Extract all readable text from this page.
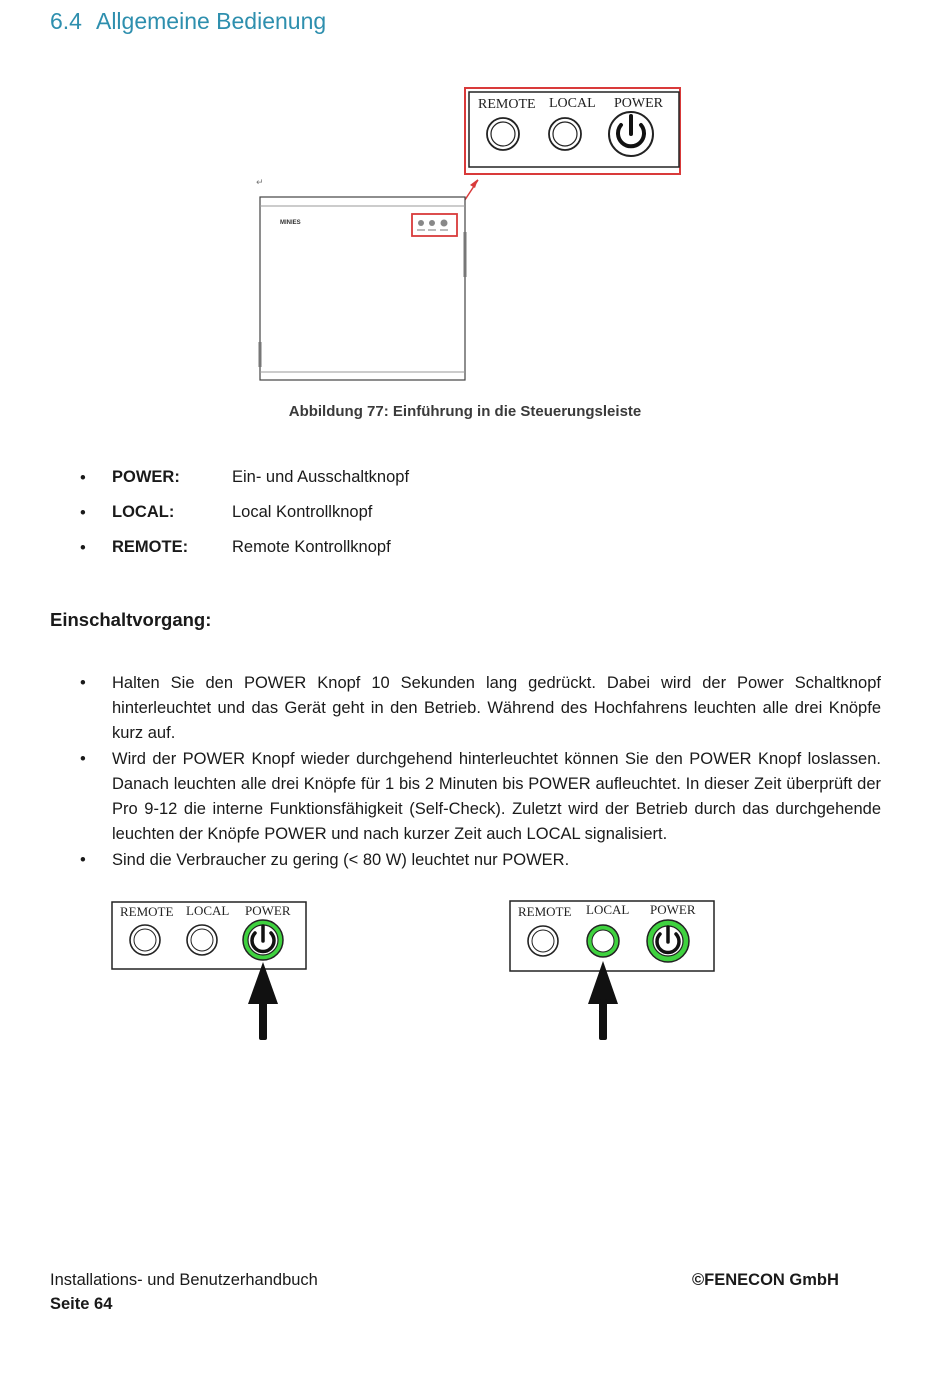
6.4 Allgemeine Bedienung
REMOTE LOCAL POWER
↵
MINIES
Abbildung 77: Einführung in die Steuerungsleiste
• POWER:	Ein- und Ausschaltknopf
• LOCAL:	Local Kontrollknopf
• REMOTE:	Remote Kontrollknopf
Einschaltvorgang:
• Halten Sie den POWER Knopf 10 Sekunden lang gedrückt. Dabei wird der Power Schaltknopf hinterleuchtet und das Gerät geht in den Betrieb. Während des Hochfahrens leuchten alle drei Knöpfe kurz auf.
• Wird der POWER Knopf wieder durchgehend hinterleuchtet können Sie den POWER Knopf loslassen. Danach leuchten alle drei Knöpfe für 1 bis 2 Minuten bis POWER aufleuchtet. In dieser Zeit überprüft der Pro 9-12 die interne Funktionsfähigkeit (Self-Check). Zuletzt wird der Betrieb durch das durchgehende leuchten der Knöpfe POWER und nach kurzer Zeit auch LOCAL signalisiert.
• Sind die Verbraucher zu gering (< 80 W) leuchtet nur POWER.
REMOTE LOCAL POWER	REMOTE LOCAL POWER
Installations- und Benutzerhandbuch	©FENECON GmbH
Seite 64
